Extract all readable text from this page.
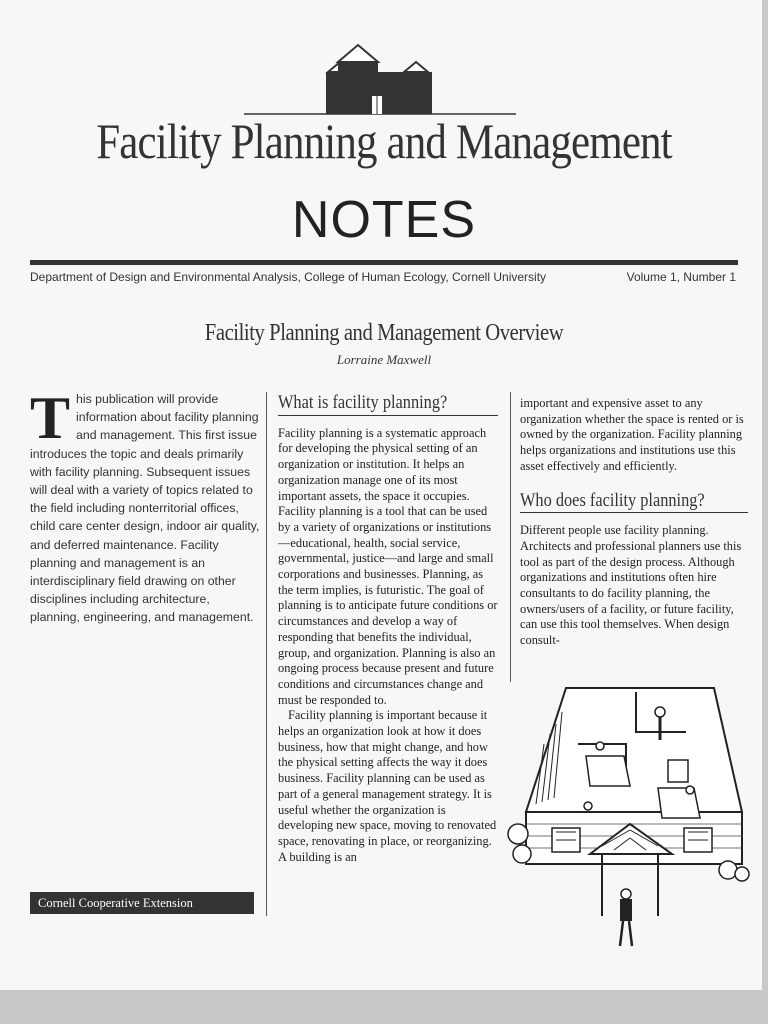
Facility Planning and Management
NOTES
Department of Design and Environmental Analysis, College of Human Ecology, Cornell University	Volume 1, Number 1
Facility Planning and Management Overview
Lorraine Maxwell
T his publication will provide information about facility planning and management. This first issue introduces the topic and deals primarily with facility planning. Subsequent issues will deal with a variety of topics related to the field including nonterritorial offices, child care center design, indoor air quality, and deferred maintenance. Facility planning and management is an interdisciplinary field drawing on other disciplines including architecture, planning, engineering, and management.
What is facility planning?

Facility planning is a systematic approach for developing the physical setting of an organization or institution. It helps an organization manage one of its most important assets, the space it occupies. Facility planning is a tool that can be used by a variety of organizations or institutions—educational, health, social service, governmental, justice—and large and small corporations and businesses. Planning, as the term implies, is futuristic. The goal of planning is to anticipate future conditions or circumstances and develop a way of responding that benefits the individual, group, and organization. Planning is also an ongoing process because present and future conditions and circumstances change and must be responded to.

Facility planning is important because it helps an organization look at how it does business, how that might change, and how the physical setting affects the way it does business. Facility planning can be used as part of a general management strategy. It is useful whether the organization is developing new space, moving to renovated space, renovating in place, or reorganizing. A building is an

important and expensive asset to any organization whether the space is rented or is owned by the organization. Facility planning helps organizations and institutions use this asset effectively and efficiently.

Who does facility planning?

Different people use facility planning. Architects and professional planners use this tool as part of the design process. Although organizations and institutions often hire consultants to do facility planning, the owners/users of a facility, or future facility, can use this tool themselves. When design consult-

Cornell Cooperative Extension
